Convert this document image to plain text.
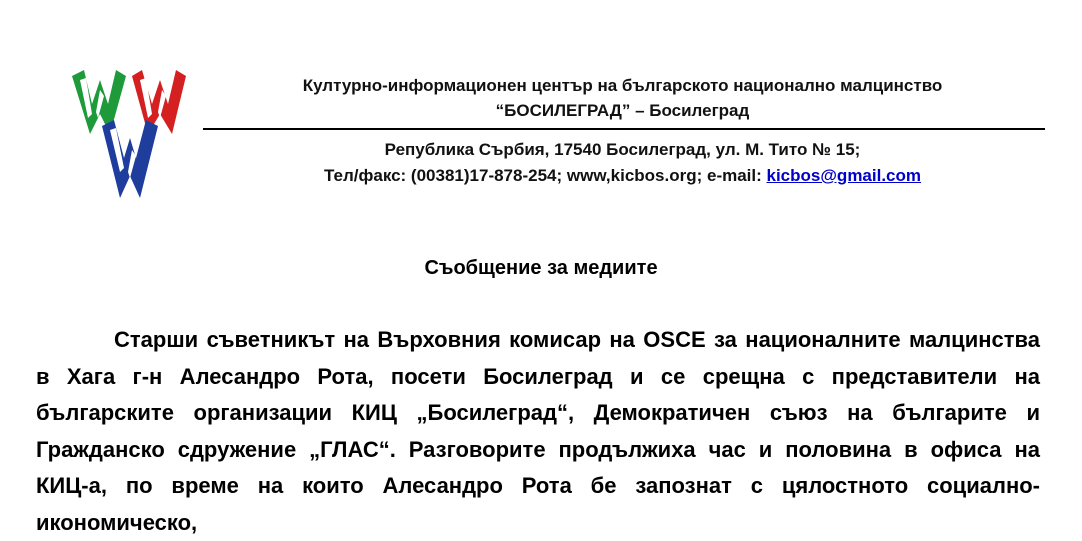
Културно-информационен център на българското национално малцинство
“БОСИЛЕГРАД” – Босилеград
Република Сърбия, 17540 Босилеград, ул. М. Тито № 15;
Тел/факс: (00381)17-878-254; www,kicbos.org; e-mail: kicbos@gmail.com
Съобщение за медиите
Старши съветникът на Върховния комисар на OSCE за националните малцинства в Хага г-н Алесандро Рота, посети Босилеград и се срещна с представители на българските организации КИЦ „Босилеград“, Демократичен съюз на българите и Гражданско сдружение „ГЛАС“. Разговорите продължиха час и половина в офиса на КИЦ-а, по време на които Алесандро Рота бе запознат с цялостното социално-икономическо,
